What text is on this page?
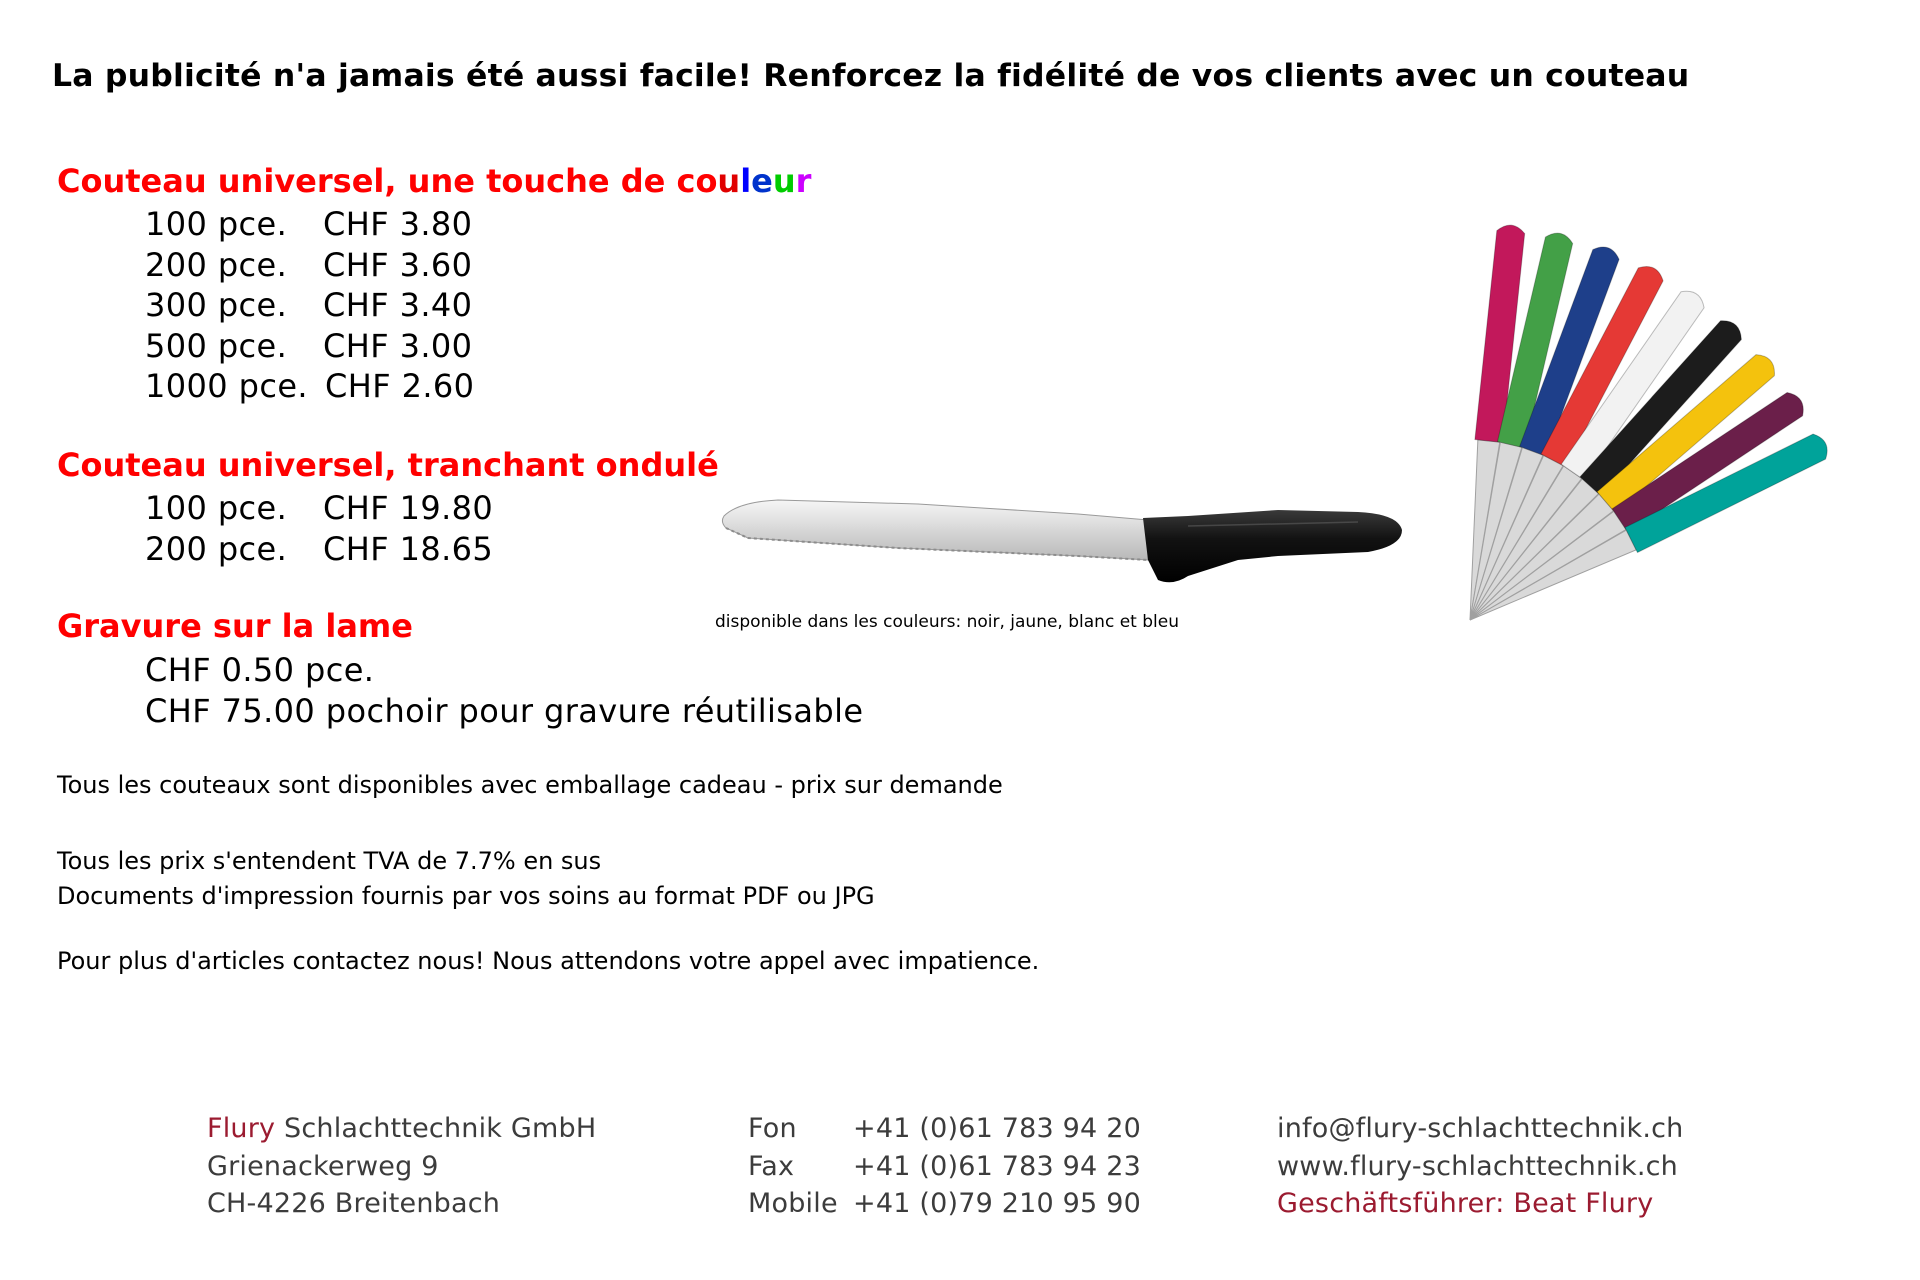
La publicité n'a jamais été aussi facile! Renforcez la fidélité de vos clients avec un couteau
Couteau universel, une touche de couleur
100 pce. CHF 3.80
200 pce. CHF 3.60
300 pce. CHF 3.40
500 pce. CHF 3.00
1000 pce. CHF 2.60
Couteau universel, tranchant ondulé
100 pce. CHF 19.80
200 pce. CHF 18.65
Gravure sur la lame
CHF 0.50 pce.
CHF 75.00 pochoir pour gravure réutilisable
disponible dans les couleurs: noir, jaune, blanc et bleu
Tous les couteaux sont disponibles avec emballage cadeau - prix sur demande
Tous les prix s'entendent TVA de 7.7% en sus
Documents d'impression fournis par vos soins au format PDF ou JPG
Pour plus d'articles contactez nous! Nous attendons votre appel avec impatience.
Flury Schlachttechnik GmbH
Grienackerweg 9
CH-4226 Breitenbach
Fon	+41 (0)61 783 94 20
Fax	+41 (0)61 783 94 23
Mobile +41 (0)79 210 95 90
info@flury-schlachttechnik.ch
www.flury-schlachttechnik.ch
Geschäftsführer: Beat Flury
